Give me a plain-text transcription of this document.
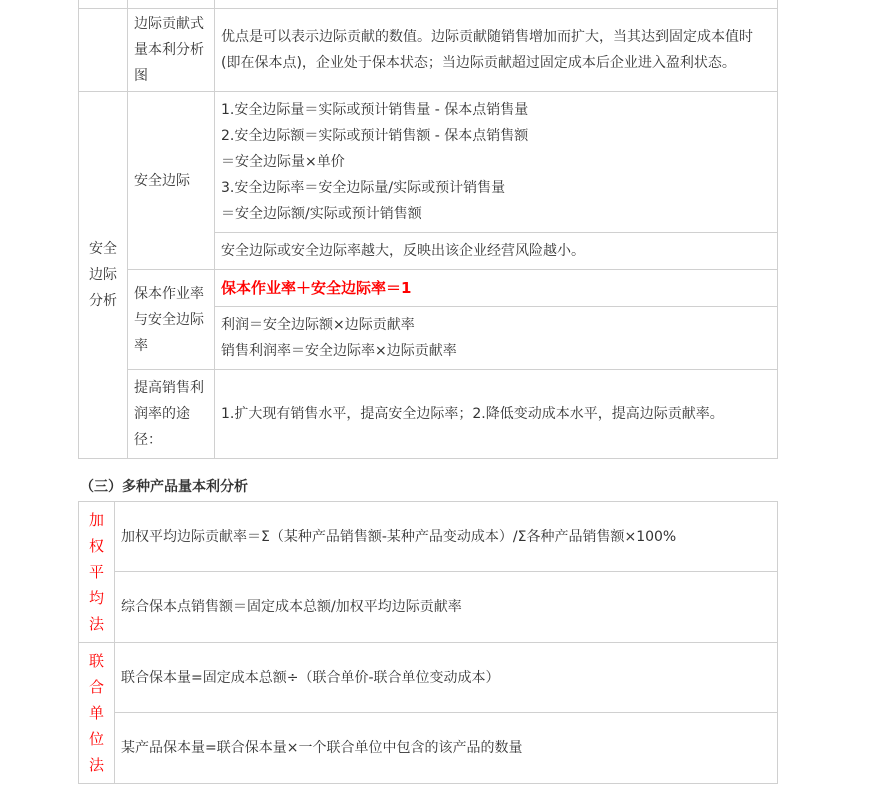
	边际贡献式量本利分析图	优点是可以表示边际贡献的数值。边际贡献随销售增加而扩大，当其达到固定成本值时(即在保本点)，企业处于保本状态；当边际贡献超过固定成本后企业进入盈利状态。
安全边际分析	安全边际	1.安全边际量＝实际或预计销售量 - 保本点销售量
2.安全边际额＝实际或预计销售额 - 保本点销售额
＝安全边际量×单价
3.安全边际率＝安全边际量/实际或预计销售量
＝安全边际额/实际或预计销售额

		安全边际或安全边际率越大，反映出该企业经营风险越小。
	保本作业率与安全边际率	保本作业率＋安全边际率＝1

		利润＝安全边际额×边际贡献率
销售利润率＝安全边际率×边际贡献率

	提高销售利润率的途径：	1.扩大现有销售水平，提高安全边际率；2.降低变动成本水平，提高边际贡献率。
（三）多种产品量本利分析
加权平均法	加权平均边际贡献率＝Σ（某种产品销售额-某种产品变动成本）/Σ各种产品销售额×100%
	综合保本点销售额＝固定成本总额/加权平均边际贡献率
联合单位法	联合保本量=固定成本总额÷（联合单价-联合单位变动成本）
	某产品保本量=联合保本量×一个联合单位中包含的该产品的数量
